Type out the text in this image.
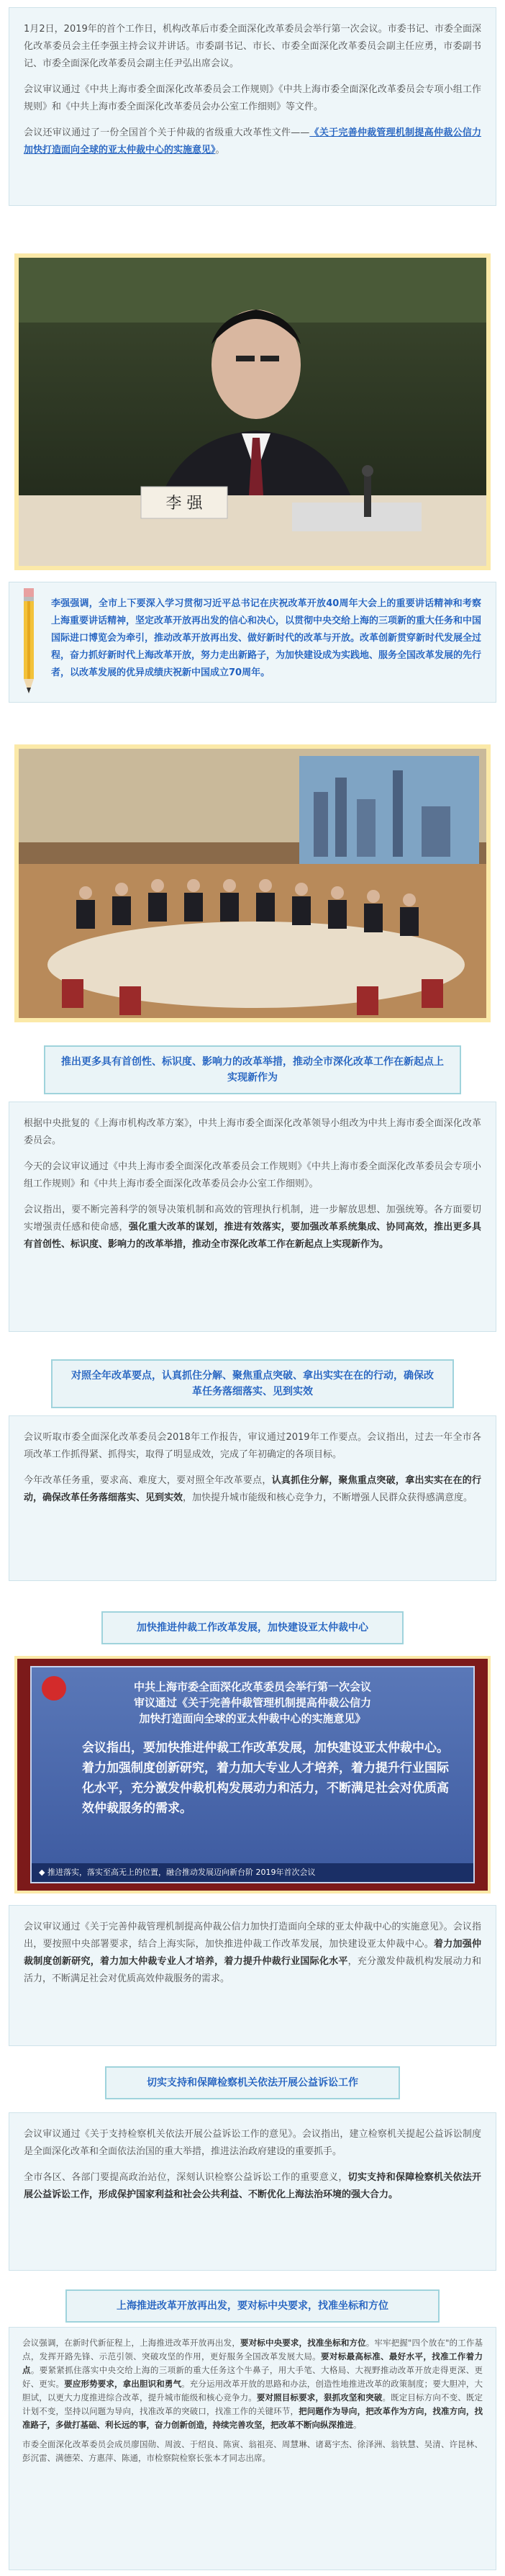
1月2日，2019年的首个工作日，机构改革后市委全面深化改革委员会举行第一次会议。市委书记、市委全面深化改革委员会主任李强主持会议并讲话。市委副书记、市长、市委全面深化改革委员会副主任应勇，市委副书记、市委全面深化改革委员会副主任尹弘出席会议。

会议审议通过《中共上海市委全面深化改革委员会工作规则》《中共上海市委全面深化改革委员会专项小组工作规则》和《中共上海市委全面深化改革委员会办公室工作细则》等文件。

会议还审议通过了一份全国首个关于仲裁的省级重大改革性文件——《关于完善仲裁管理机制提高仲裁公信力加快打造面向全球的亚太仲裁中心的实施意见》。

李 强

李强强调，全市上下要深入学习贯彻习近平总书记在庆祝改革开放40周年大会上的重要讲话精神和考察上海重要讲话精神，坚定改革开放再出发的信心和决心，以贯彻中央交给上海的三项新的重大任务和中国国际进口博览会为牵引，推动改革开放再出发、做好新时代的改革与开放。改革创新贯穿新时代发展全过程，奋力抓好新时代上海改革开放，努力走出新路子，为加快建设成为实践地、服务全国改革发展的先行者，以改革发展的优异成绩庆祝新中国成立70周年。

推出更多具有首创性、标识度、影响力的改革举措，推动全市深化改革工作在新起点上实现新作为

根据中央批复的《上海市机构改革方案》，中共上海市委全面深化改革领导小组改为中共上海市委全面深化改革委员会。

今天的会议审议通过《中共上海市委全面深化改革委员会工作规则》《中共上海市委全面深化改革委员会专项小组工作规则》和《中共上海市委全面深化改革委员会办公室工作细则》。

会议指出，要不断完善科学的领导决策机制和高效的管理执行机制，进一步解放思想、加强统筹。各方面要切实增强责任感和使命感，强化重大改革的谋划，推进有效落实，要加强改革系统集成、协同高效，推出更多具有首创性、标识度、影响力的改革举措，推动全市深化改革工作在新起点上实现新作为。

对照全年改革要点，认真抓住分解、聚焦重点突破、拿出实实在在的行动，确保改革任务落细落实、见到实效

会议听取市委全面深化改革委员会2018年工作报告，审议通过2019年工作要点。会议指出，过去一年全市各项改革工作抓得紧、抓得实，取得了明显成效，完成了年初确定的各项目标。

今年改革任务重，要求高、难度大，要对照全年改革要点，认真抓住分解，聚焦重点突破，拿出实实在在的行动，确保改革任务落细落实、见到实效，加快提升城市能级和核心竞争力，不断增强人民群众获得感满意度。

加快推进仲裁工作改革发展，加快建设亚太仲裁中心
中共上海市委全面深化改革委员会举行第一次会议
审议通过《关于完善仲裁管理机制提高仲裁公信力
加快打造面向全球的亚太仲裁中心的实施意见》
会议指出，要加快推进仲裁工作改革发展，加快建设亚太仲裁中心。着力加强制度创新研究，着力加大专业人才培养，着力提升行业国际化水平，充分激发仲裁机构发展动力和活力，不断满足社会对优质高效仲裁服务的需求。
◆ 推进落实，落实至高无上的位置，融合推动发展迈向新台阶 2019年首次会议

会议审议通过《关于完善仲裁管理机制提高仲裁公信力加快打造面向全球的亚太仲裁中心的实施意见》。会议指出，要按照中央部署要求，结合上海实际，加快推进仲裁工作改革发展，加快建设亚太仲裁中心。着力加强仲裁制度创新研究，着力加大仲裁专业人才培养，着力提升仲裁行业国际化水平，充分激发仲裁机构发展动力和活力，不断满足社会对优质高效仲裁服务的需求。

切实支持和保障检察机关依法开展公益诉讼工作

会议审议通过《关于支持检察机关依法开展公益诉讼工作的意见》。会议指出，建立检察机关提起公益诉讼制度是全面深化改革和全面依法治国的重大举措，推进法治政府建设的重要抓手。

全市各区、各部门要提高政治站位，深刻认识检察公益诉讼工作的重要意义，切实支持和保障检察机关依法开展公益诉讼工作，形成保护国家利益和社会公共利益、不断优化上海法治环境的强大合力。

上海推进改革开放再出发，要对标中央要求，找准坐标和方位

会议强调，在新时代新征程上，上海推进改革开放再出发，要对标中央要求，找准坐标和方位。牢牢把握"四个放在"的工作基点，发挥开路先锋、示范引领、突破攻坚的作用，更好服务全国改革发展大局。要对标最高标准、最好水平，找准工作着力点。要紧紧抓住落实中央交给上海的三项新的重大任务这个牛鼻子，用大手笔、大格局、大视野推动改革开放走得更深、更好、更实。要应形势要求，拿出胆识和勇气。充分运用改革开放的思路和办法，创造性地推进改革的政策制度；要大胆冲，大胆试，以更大力度推进综合改革，提升城市能级和核心竞争力。要对照目标要求，狠抓攻坚和突破。既定目标方向不变、既定计划不变，坚持以问题为导向，找准改革的突破口，找准工作的关键环节，把问题作为导向，把改革作为方向，找准方向，找准路子，多做打基础、利长远的事，奋力创新创造，持续完善攻坚，把改革不断向纵深推进。

市委全面深化改革委员会成员廖国勋、周波、于绍良、陈寅、翁祖亮、周慧琳、诸葛宇杰、徐泽洲、翁铁慧、吴清、许昆林、彭沉雷、满德荣、方惠萍、陈通，市检察院检察长张本才同志出席。
